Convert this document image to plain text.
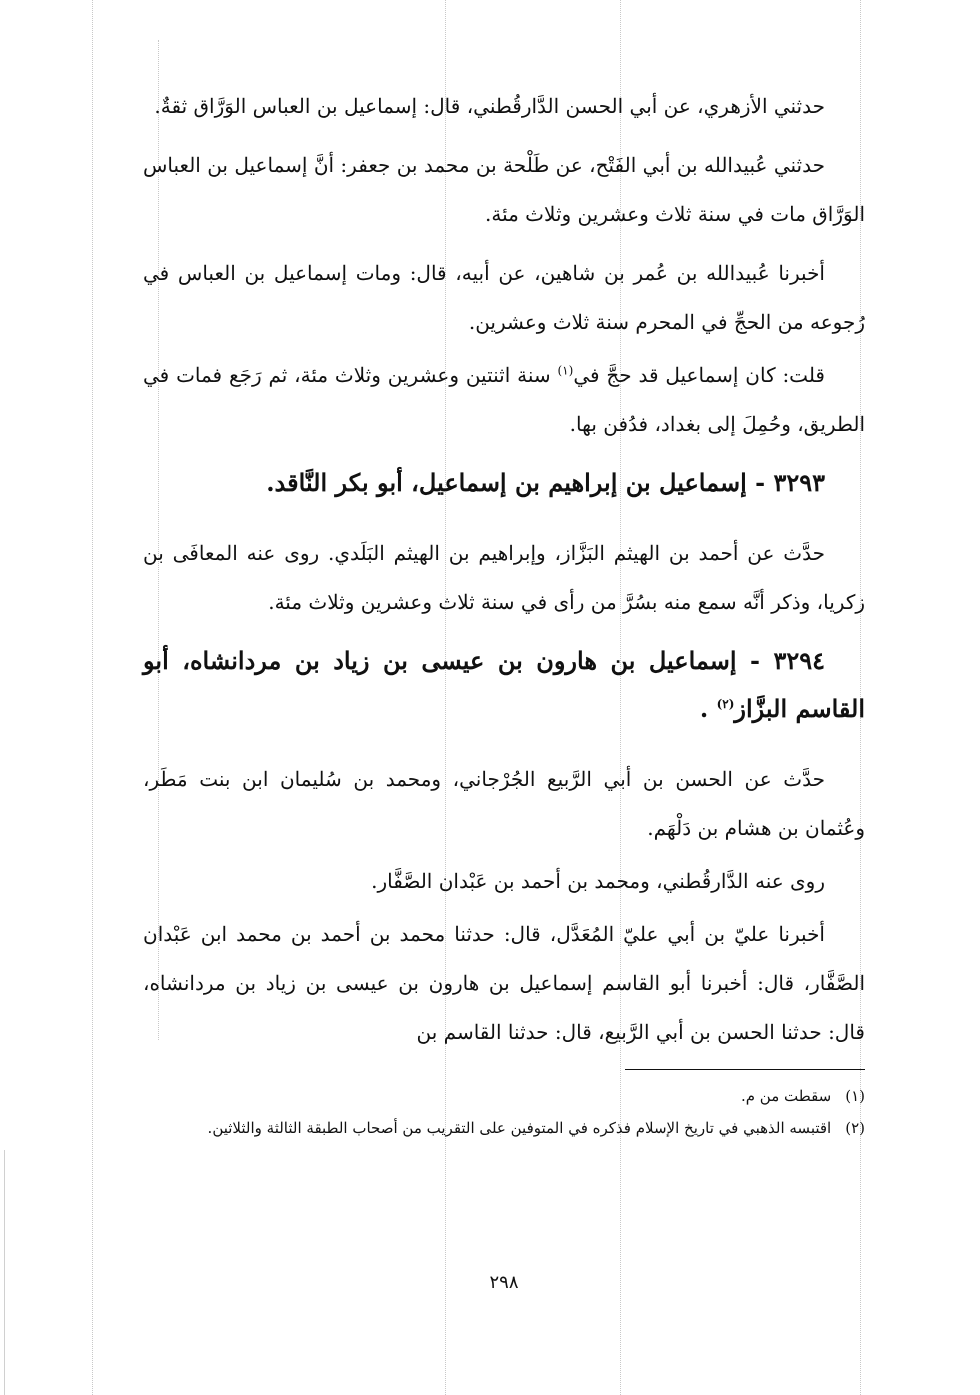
حدثني الأزهري، عن أبي الحسن الدَّارقُطني، قال: إسماعيل بن العباس الوَرَّاق ثقةٌ.

حدثني عُبيدالله بن أبي الفَتْح، عن طَلْحة بن محمد بن جعفر: أنَّ إسماعيل بن العباس الوَرَّاق مات في سنة ثلاث وعشرين وثلاث مئة.

أخبرنا عُبيدالله بن عُمر بن شاهين، عن أبيه، قال: ومات إسماعيل بن العباس في رُجوعه من الحجِّ في المحرم سنة ثلاث وعشرين.

قلت: كان إسماعيل قد حجَّ في$^{(١)}$ سنة اثنتين وعشرين وثلاث مئة، ثم رَجَع فمات في الطريق، وحُمِلَ إلى بغداد، فدُفن بها.

٣٢٩٣ - إسماعيل بن إبراهيم بن إسماعيل، أبو بكر النَّاقد.

حدَّث عن أحمد بن الهيثم البَزَّاز، وإبراهيم بن الهيثم البَلَدي. روى عنه المعافَى بن زكريا، وذكر أنَّه سمع منه بسُرَّ من رأى في سنة ثلاث وعشرين وثلاث مئة.

٣٢٩٤ - إسماعيل بن هارون بن عيسى بن زياد بن مردانشاه، أبو القاسم البزَّاز$^{(٢)}$ .

حدَّث عن الحسن بن أبي الرَّبيع الجُرْجاني، ومحمد بن سُليمان ابن بنت مَطَر، وعُثمان بن هشام بن دَلْهَم.

روى عنه الدَّارقُطني، ومحمد بن أحمد بن عَبْدان الصَّفَّار.

أخبرنا عليّ بن أبي عليّ المُعَدَّل، قال: حدثنا محمد بن أحمد بن محمد ابن عَبْدان الصَّفَّار، قال: أخبرنا أبو القاسم إسماعيل بن هارون بن عيسى بن زياد بن مردانشاه، قال: حدثنا الحسن بن أبي الرَّبيع، قال: حدثنا القاسم بن

(١)
سقطت من م.
(٢)
اقتبسه الذهبي في تاريخ الإسلام فذكره في المتوفين على التقريب من أصحاب الطبقة الثالثة والثلاثين.
٢٩٨
